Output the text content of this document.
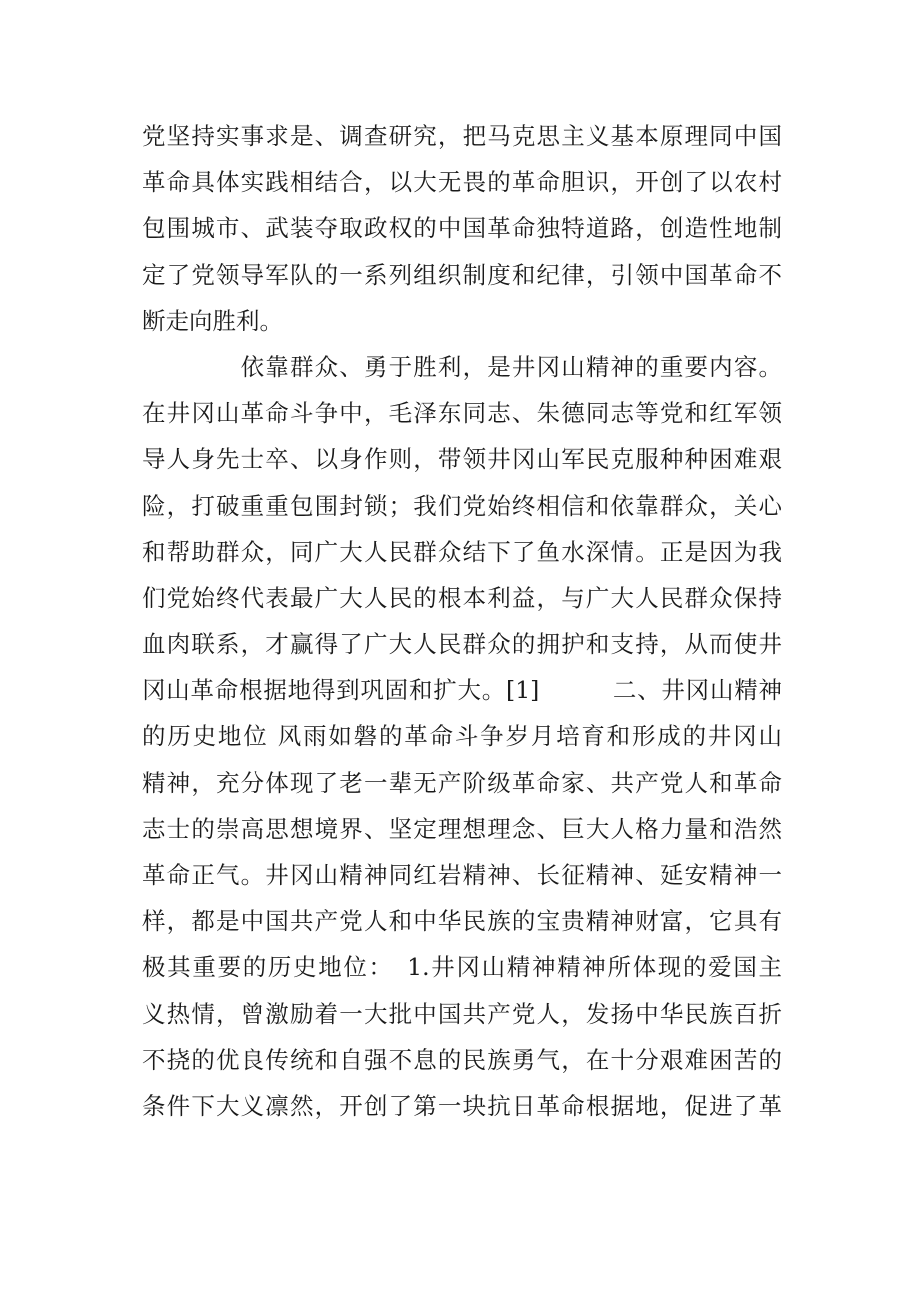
党坚持实事求是、调查研究，把马克思主义基本原理同中国
革命具体实践相结合，以大无畏的革命胆识，开创了以农村
包围城市、武装夺取政权的中国革命独特道路，创造性地制
定了党领导军队的一系列组织制度和纪律，引领中国革命不
断走向胜利。
　　　　依靠群众、勇于胜利，是井冈山精神的重要内容。
在井冈山革命斗争中，毛泽东同志、朱德同志等党和红军领
导人身先士卒、以身作则，带领井冈山军民克服种种困难艰
险，打破重重包围封锁；我们党始终相信和依靠群众，关心
和帮助群众，同广大人民群众结下了鱼水深情。正是因为我
们党始终代表最广大人民的根本利益，与广大人民群众保持
血肉联系，才赢得了广大人民群众的拥护和支持，从而使井
冈山革命根据地得到巩固和扩大。[1]　　　二、井冈山精神
的历史地位 风雨如磐的革命斗争岁月培育和形成的井冈山
精神，充分体现了老一辈无产阶级革命家、共产党人和革命
志士的崇高思想境界、坚定理想理念、巨大人格力量和浩然
革命正气。井冈山精神同红岩精神、长征精神、延安精神一
样，都是中国共产党人和中华民族的宝贵精神财富，它具有
极其重要的历史地位：　1.井冈山精神精神所体现的爱国主
义热情，曾激励着一大批中国共产党人，发扬中华民族百折
不挠的优良传统和自强不息的民族勇气，在十分艰难困苦的
条件下大义凛然，开创了第一块抗日革命根据地，促进了革
